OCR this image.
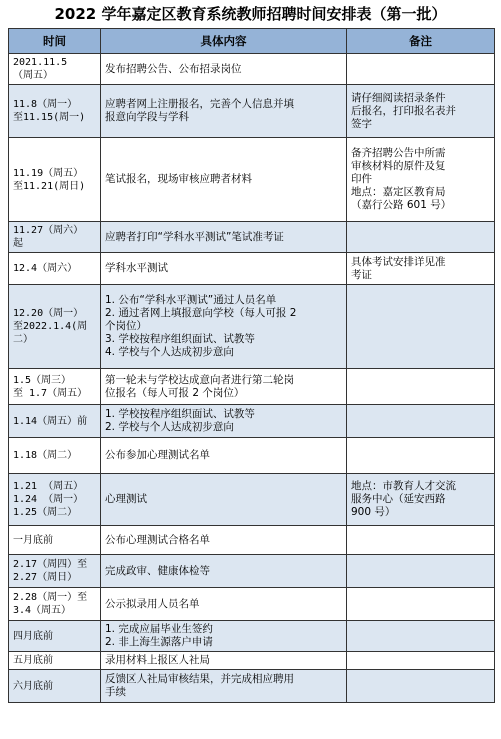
2022 学年嘉定区教育系统教师招聘时间安排表（第一批）
时间	具体内容	备注

2021.11.5
（周五）	发布招聘公告、公布招录岗位	

11.8（周一）
至11.15(周一)	应聘者网上注册报名，完善个人信息并填
报意向学段与学科	请仔细阅读招录条件
后报名，打印报名表并
签字

11.19（周五）
至11.21(周日)	笔试报名，现场审核应聘者材料	备齐招聘公告中所需
审核材料的原件及复
印件
地点：嘉定区教育局
（嘉行公路 601 号）

11.27（周六）
起	应聘者打印“学科水平测试”笔试准考证	

12.4（周六）	学科水平测试	具体考试安排详见准
考证

12.20（周一）
至2022.1.4(周
二）	1. 公布“学科水平测试”通过人员名单
2. 通过者网上填报意向学校（每人可报 2
个岗位）
3. 学校按程序组织面试、试教等
4. 学校与个人达成初步意向	

1.5（周三）
至 1.7（周五）	第一轮未与学校达成意向者进行第二轮岗
位报名（每人可报 2 个岗位）	

1.14（周五）前	1. 学校按程序组织面试、试教等
2. 学校与个人达成初步意向	

1.18（周二）	公布参加心理测试名单	

1.21 （周五）
1.24 （周一）
1.25（周二）	心理测试	地点：市教育人才交流
服务中心（延安西路
900 号）

一月底前	公布心理测试合格名单	

2.17（周四）至
2.27（周日）	完成政审、健康体检等	

2.28（周一）至
3.4（周五）	公示拟录用人员名单	

四月底前	1. 完成应届毕业生签约
2. 非上海生源落户申请	

五月底前	录用材料上报区人社局	

六月底前	反馈区人社局审核结果，并完成相应聘用
手续	
